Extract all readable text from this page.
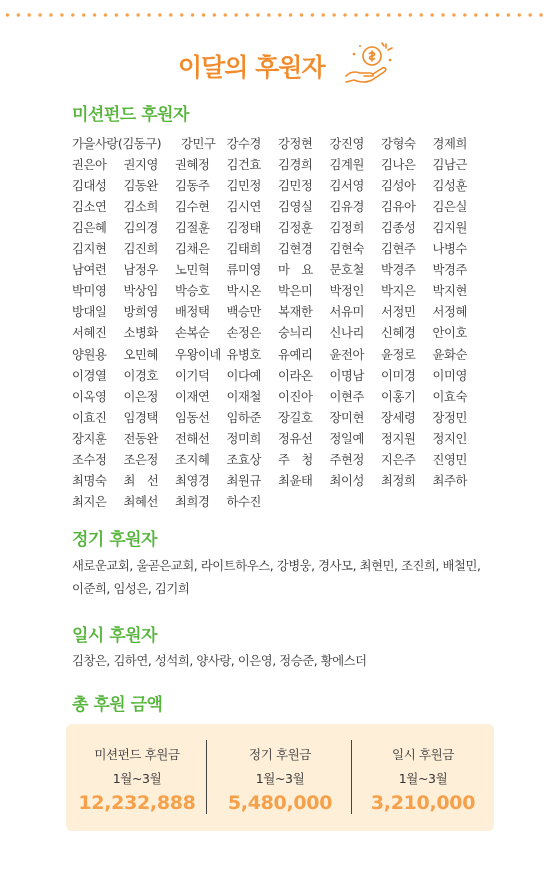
이달의 후원자
미션펀드 후원자
가을사랑(김동구) 강민구 강수경 강정현 강진영 강형숙 경제희
권은아 권지영 권혜정 김건효 김경희 김계원 김나은 김남근
김대성 김동완 김동주 김민정 김민정 김서영 김성아 김성훈
김소연 김소희 김수현 김시연 김영실 김유경 김유아 김은실
김은혜 김의경 김절훈 김정태 김정훈 김정희 김종성 김지원
김지현 김진희 김채은 김태희 김현경 김현숙 김현주 나병수
남여련 남정우 노민혁 류미영 마　요 문호철 박경주 박경주
박미영 박상임 박승호 박시온 박은미 박정인 박지은 박지현
방대일 방희영 배정택 백승만 복재한 서유미 서정민 서정혜
서혜진 소병화 손복순 손정은 숭늬리 신나리 신혜경 안이호
양원용 오민혜 우왕이네 유병호 유예리 윤전아 윤정로 윤화순
이경열 이경호 이기덕 이다예 이라온 이명남 이미경 이미영
이옥영 이은정 이재연 이재철 이진아 이현주 이홍기 이효숙
이효진 임경택 임동선 임하준 장길호 장미현 장세령 장정민
장지훈 전동완 전해선 정미희 정유선 정일예 정지원 정지인
조수정 조은정 조지혜 조효상 주　청 주현정 지은주 진영민
최명숙 최　선 최영경 최원규 최윤태 최이성 최정희 최주하
최지은 최혜선 최희경 하수진
정기 후원자
새로운교회, 울곧은교회, 라이트하우스, 강병웅, 경사모, 최현민, 조진희, 배철민, 이준희, 임성은, 김기희
일시 후원자
김창은, 김하연, 성석희, 양사랑, 이은영, 정승준, 황에스더
총 후원 금액
미션펀드 후원금
1월~3월
12,232,888
정기 후원금
1월~3월
5,480,000
일시 후원금
1월~3월
3,210,000
